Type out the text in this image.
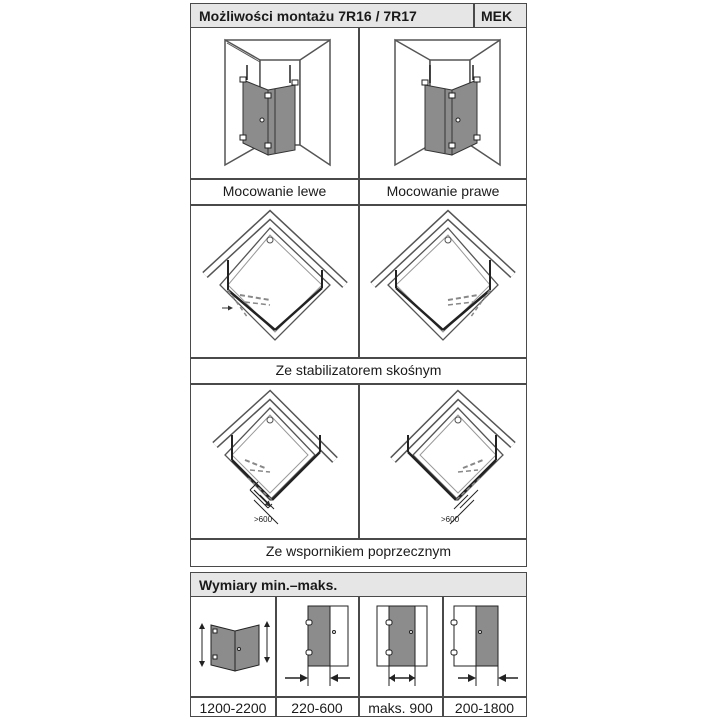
Możliwości montażu 7R16 / 7R17	MEK
Mocowanie lewe	Mocowanie prawe
Ze stabilizatorem skośnym
>600	>600
Ze wspornikiem poprzecznym
Wymiary min.–maks.
1200-2200	220-600	maks. 900	200-1800
